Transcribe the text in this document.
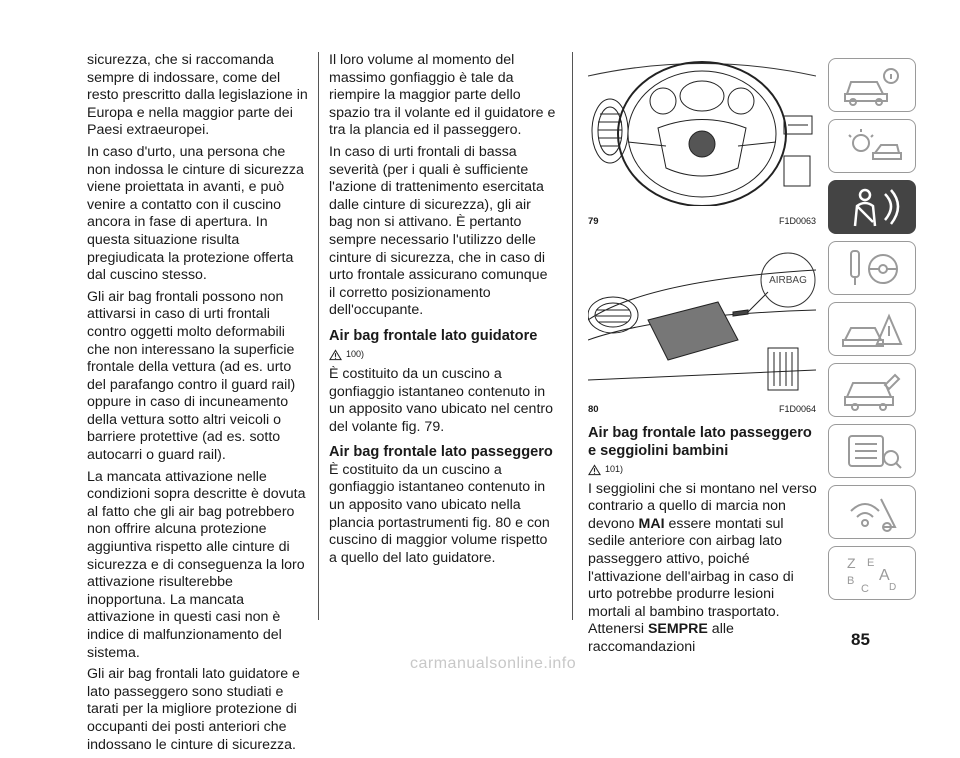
sicurezza, che si raccomanda sempre di indossare, come del resto prescritto dalla legislazione in Europa e nella maggior parte dei Paesi extraeuropei.

In caso d'urto, una persona che non indossa le cinture di sicurezza viene proiettata in avanti, e può venire a contatto con il cuscino ancora in fase di apertura. In questa situazione risulta pregiudicata la protezione offerta dal cuscino stesso.

Gli air bag frontali possono non attivarsi in caso di urti frontali contro oggetti molto deformabili che non interessano la superficie frontale della vettura (ad es. urto del parafango contro il guard rail) oppure in caso di incuneamento della vettura sotto altri veicoli o barriere protettive (ad es. sotto autocarri o guard rail).

La mancata attivazione nelle condizioni sopra descritte è dovuta al fatto che gli air bag potrebbero non offrire alcuna protezione aggiuntiva rispetto alle cinture di sicurezza e di conseguenza la loro attivazione risulterebbe inopportuna. La mancata attivazione in questi casi non è indice di malfunzionamento del sistema.

Gli air bag frontali lato guidatore e lato passeggero sono studiati e tarati per la migliore protezione di occupanti dei posti anteriori che indossano le cinture di sicurezza.

Il loro volume al momento del massimo gonfiaggio è tale da riempire la maggior parte dello spazio tra il volante ed il guidatore e tra la plancia ed il passeggero.

In caso di urti frontali di bassa severità (per i quali è sufficiente l'azione di trattenimento esercitata dalle cinture di sicurezza), gli air bag non si attivano. È pertanto sempre necessario l'utilizzo delle cinture di sicurezza, che in caso di urto frontale assicurano comunque il corretto posizionamento dell'occupante.

Air bag frontale lato guidatore
100)

È costituito da un cuscino a gonfiaggio istantaneo contenuto in un apposito vano ubicato nel centro del volante fig. 79.

Air bag frontale lato passeggero

È costituito da un cuscino a gonfiaggio istantaneo contenuto in un apposito vano ubicato nella plancia portastrumenti fig. 80 e con cuscino di maggior volume rispetto a quello del lato guidatore.

79	F1D0063
AIRBAG
80	F1D0064
Air bag frontale lato passeggero e seggiolini bambini
101)

I seggiolini che si montano nel verso contrario a quello di marcia non devono MAI essere montati sul sedile anteriore con airbag lato passeggero attivo, poiché l'attivazione dell'airbag in caso di urto potrebbe produrre lesioni mortali al bambino trasportato. Attenersi SEMPRE alle raccomandazioni

Z E
A
B
C D
85
carmanualsonline.info
